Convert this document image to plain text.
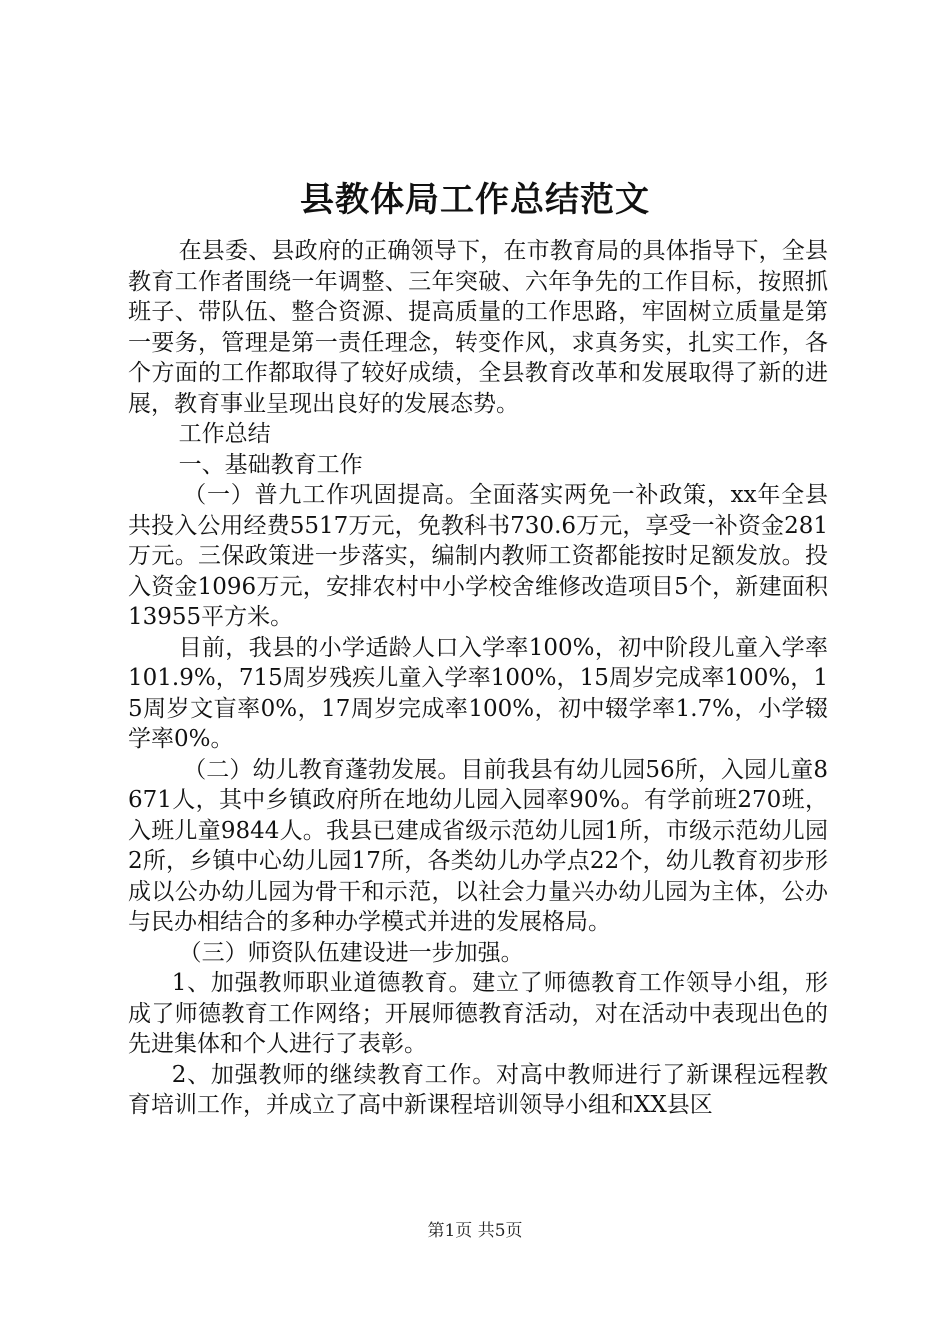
县教体局工作总结范文

在县委、县政府的正确领导下，在市教育局的具体指导下，全县教育工作者围绕一年调整、三年突破、六年争先的工作目标，按照抓班子、带队伍、整合资源、提高质量的工作思路，牢固树立质量是第一要务，管理是第一责任理念，转变作风，求真务实，扎实工作，各个方面的工作都取得了较好成绩，全县教育改革和发展取得了新的进展，教育事业呈现出良好的发展态势。

工作总结

一、基础教育工作

（一）普九工作巩固提高。全面落实两免一补政策，xx年全县共投入公用经费5517万元，免教科书730.6万元，享受一补资金281万元。三保政策进一步落实，编制内教师工资都能按时足额发放。投入资金1096万元，安排农村中小学校舍维修改造项目5个，新建面积13955平方米。

目前，我县的小学适龄人口入学率100%，初中阶段儿童入学率101.9%，715周岁残疾儿童入学率100%，15周岁完成率100%，15周岁文盲率0%，17周岁完成率100%，初中辍学率1.7%，小学辍学率0%。

（二）幼儿教育蓬勃发展。目前我县有幼儿园56所，入园儿童8671人，其中乡镇政府所在地幼儿园入园率90%。有学前班270班，入班儿童9844人。我县已建成省级示范幼儿园1所，市级示范幼儿园2所，乡镇中心幼儿园17所，各类幼儿办学点22个，幼儿教育初步形成以公办幼儿园为骨干和示范，以社会力量兴办幼儿园为主体，公办与民办相结合的多种办学模式并进的发展格局。

（三）师资队伍建设进一步加强。

1、加强教师职业道德教育。建立了师德教育工作领导小组，形成了师德教育工作网络；开展师德教育活动，对在活动中表现出色的先进集体和个人进行了表彰。

2、加强教师的继续教育工作。对高中教师进行了新课程远程教育培训工作，并成立了高中新课程培训领导小组和XX县区

第1页 共5页
